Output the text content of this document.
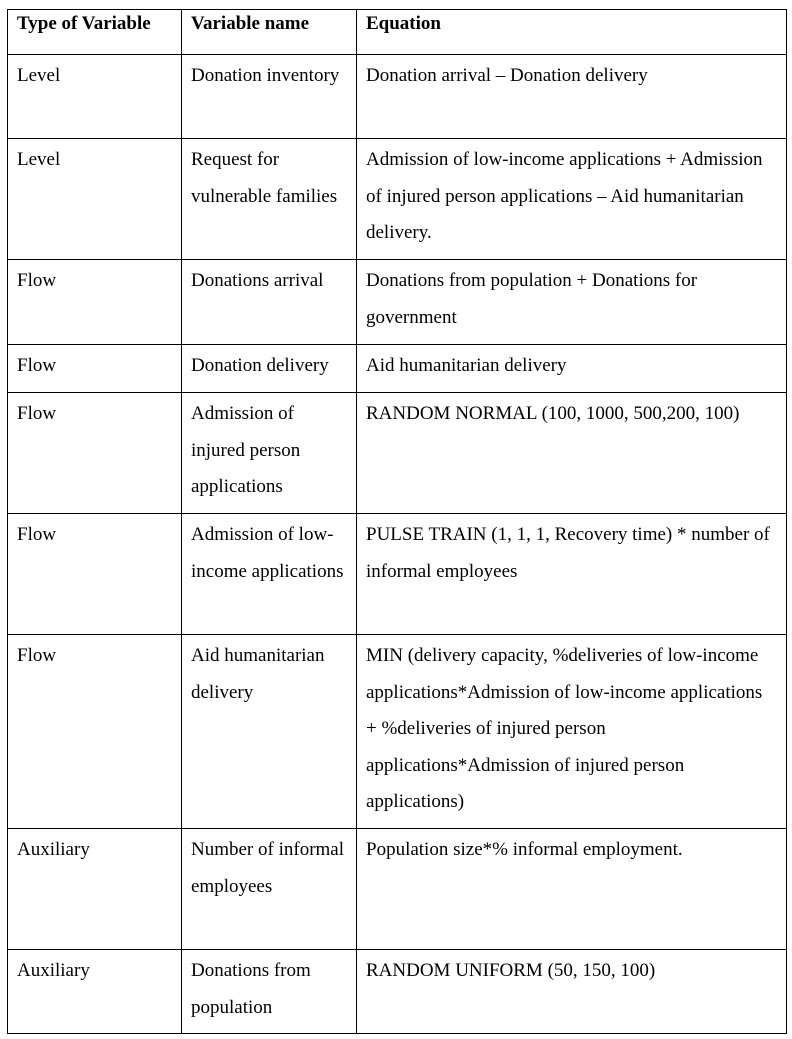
Type of Variable	Variable name	Equation
Level	Donation inventory	Donation arrival – Donation delivery
Level	Request for vulnerable families	Admission of low-income applications + Admission of injured person applications – Aid humanitarian delivery.
Flow	Donations arrival	Donations from population + Donations for government
Flow	Donation delivery	Aid humanitarian delivery
Flow	Admission of injured person applications	RANDOM NORMAL (100, 1000, 500,200, 100)
Flow	Admission of low-income applications	PULSE TRAIN (1, 1, 1, Recovery time) * number of informal employees
Flow	Aid humanitarian delivery	MIN (delivery capacity, %deliveries of low-income applications*Admission of low-income applications + %deliveries of injured person applications*Admission of injured person applications)
Auxiliary	Number of informal employees	Population size*% informal employment.
Auxiliary	Donations from population	RANDOM UNIFORM (50, 150, 100)
